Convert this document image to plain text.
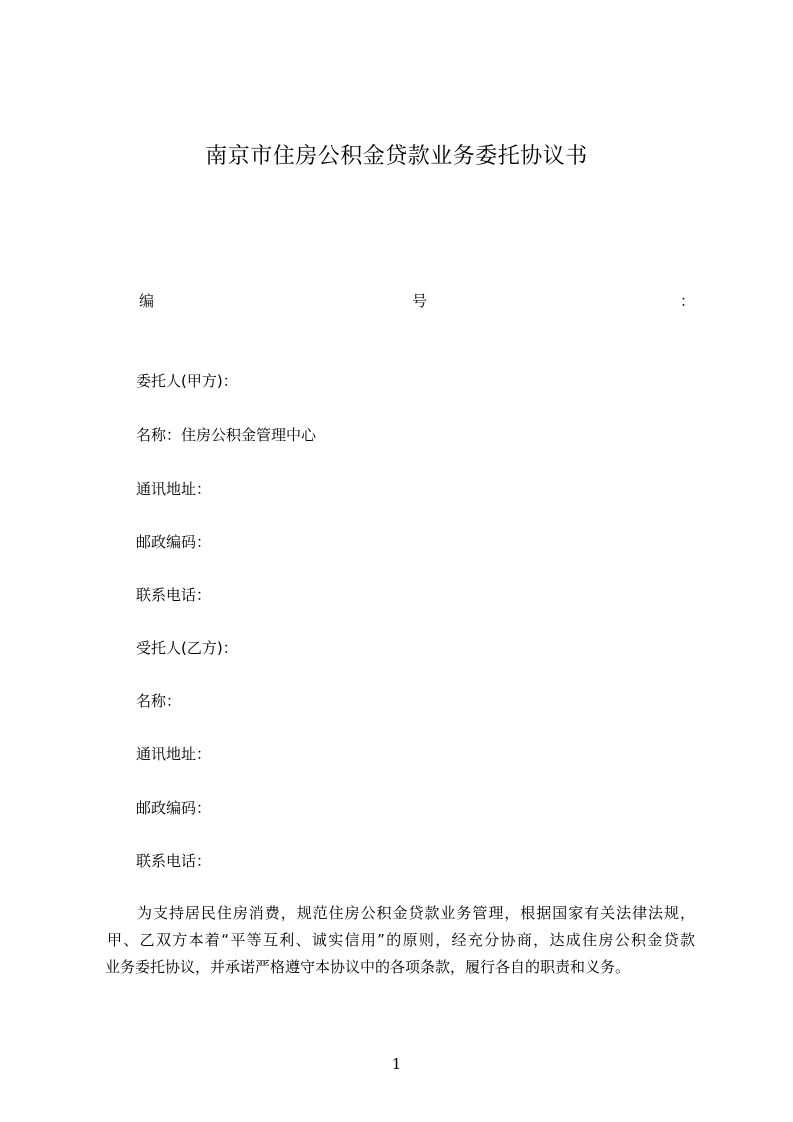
南京市住房公积金贷款业务委托协议书
编	号	：
委托人(甲方)：
名称：住房公积金管理中心
通讯地址：
邮政编码：
联系电话：
受托人(乙方)：
名称：
通讯地址：
邮政编码：
联系电话：
为支持居民住房消费，规范住房公积金贷款业务管理，根据国家有关法律法规，
甲、乙双方本着“平等互利、诚实信用”的原则，经充分协商，达成住房公积金贷款
业务委托协议，并承诺严格遵守本协议中的各项条款，履行各自的职责和义务。
1
